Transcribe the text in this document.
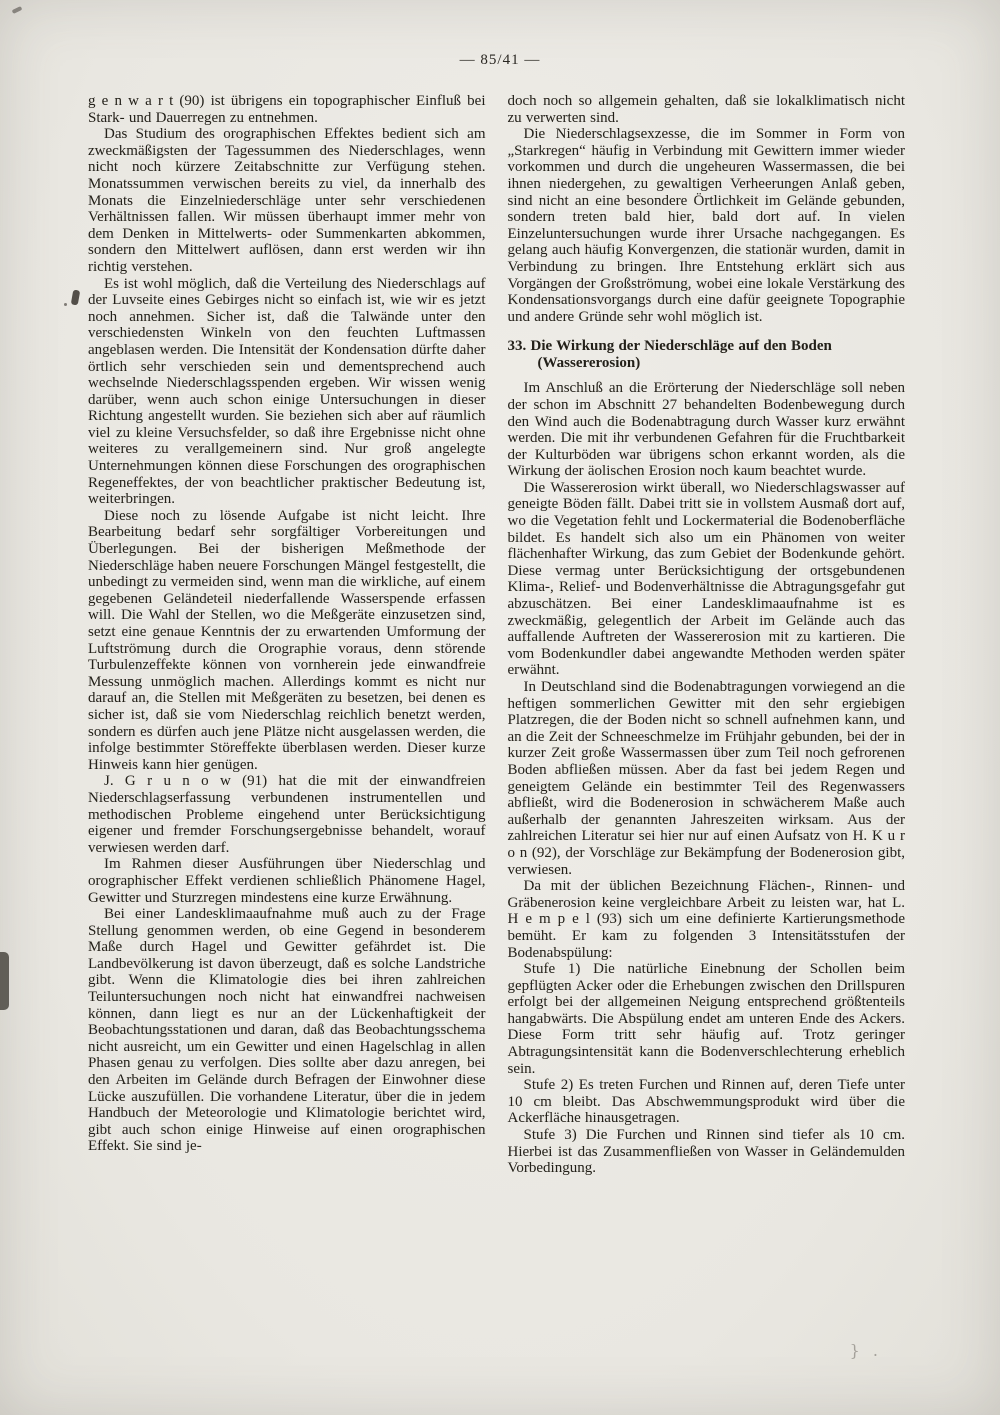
— 85/41 —

g e n w a r t (90) ist übrigens ein topographischer Einfluß bei Stark- und Dauerregen zu entnehmen.

Das Studium des orographischen Effektes bedient sich am zweckmäßigsten der Tagessummen des Niederschlages, wenn nicht noch kürzere Zeitabschnitte zur Verfügung stehen. Monatssummen verwischen bereits zu viel, da innerhalb des Monats die Einzelniederschläge unter sehr verschiedenen Verhältnissen fallen. Wir müssen überhaupt immer mehr von dem Denken in Mittelwerts- oder Summenkarten abkommen, sondern den Mittelwert auflösen, dann erst werden wir ihn richtig verstehen.

Es ist wohl möglich, daß die Verteilung des Niederschlags auf der Luvseite eines Gebirges nicht so einfach ist, wie wir es jetzt noch annehmen. Sicher ist, daß die Talwände unter den verschiedensten Winkeln von den feuchten Luftmassen angeblasen werden. Die Intensität der Kondensation dürfte daher örtlich sehr verschieden sein und dementsprechend auch wechselnde Niederschlagsspenden ergeben. Wir wissen wenig darüber, wenn auch schon einige Untersuchungen in dieser Richtung angestellt wurden. Sie beziehen sich aber auf räumlich viel zu kleine Versuchsfelder, so daß ihre Ergebnisse nicht ohne weiteres zu verallgemeinern sind. Nur groß angelegte Unternehmungen können diese Forschungen des orographischen Regeneffektes, der von beachtlicher praktischer Bedeutung ist, weiterbringen.

Diese noch zu lösende Aufgabe ist nicht leicht. Ihre Bearbeitung bedarf sehr sorgfältiger Vorbereitungen und Überlegungen. Bei der bisherigen Meßmethode der Niederschläge haben neuere Forschungen Mängel festgestellt, die unbedingt zu vermeiden sind, wenn man die wirkliche, auf einem gegebenen Geländeteil niederfallende Wasserspende erfassen will. Die Wahl der Stellen, wo die Meßgeräte einzusetzen sind, setzt eine genaue Kenntnis der zu erwartenden Umformung der Luftströmung durch die Orographie voraus, denn störende Turbulenzeffekte können von vornherein jede einwandfreie Messung unmöglich machen. Allerdings kommt es nicht nur darauf an, die Stellen mit Meßgeräten zu besetzen, bei denen es sicher ist, daß sie vom Niederschlag reichlich benetzt werden, sondern es dürfen auch jene Plätze nicht ausgelassen werden, die infolge bestimmter Störeffekte überblasen werden. Dieser kurze Hinweis kann hier genügen.

J. G r u n o w (91) hat die mit der einwandfreien Niederschlagserfassung verbundenen instrumentellen und methodischen Probleme eingehend unter Berücksichtigung eigener und fremder Forschungsergebnisse behandelt, worauf verwiesen werden darf.

Im Rahmen dieser Ausführungen über Niederschlag und orographischer Effekt verdienen schließlich Phänomene Hagel, Gewitter und Sturzregen mindestens eine kurze Erwähnung.

Bei einer Landesklimaaufnahme muß auch zu der Frage Stellung genommen werden, ob eine Gegend in besonderem Maße durch Hagel und Gewitter gefährdet ist. Die Landbevölkerung ist davon überzeugt, daß es solche Landstriche gibt. Wenn die Klimatologie dies bei ihren zahlreichen Teiluntersuchungen noch nicht hat einwandfrei nachweisen können, dann liegt es nur an der Lückenhaftigkeit der Beobachtungsstationen und daran, daß das Beobachtungsschema nicht ausreicht, um ein Gewitter und einen Hagelschlag in allen Phasen genau zu verfolgen. Dies sollte aber dazu anregen, bei den Arbeiten im Gelände durch Befragen der Einwohner diese Lücke auszufüllen. Die vorhandene Literatur, über die in jedem Handbuch der Meteorologie und Klimatologie berichtet wird, gibt auch schon einige Hinweise auf einen orographischen Effekt. Sie sind je-

doch noch so allgemein gehalten, daß sie lokalklimatisch nicht zu verwerten sind.

Die Niederschlagsexzesse, die im Sommer in Form von „Starkregen“ häufig in Verbindung mit Gewittern immer wieder vorkommen und durch die ungeheuren Wassermassen, die bei ihnen niedergehen, zu gewaltigen Verheerungen Anlaß geben, sind nicht an eine besondere Örtlichkeit im Gelände gebunden, sondern treten bald hier, bald dort auf. In vielen Einzeluntersuchungen wurde ihrer Ursache nachgegangen. Es gelang auch häufig Konvergenzen, die stationär wurden, damit in Verbindung zu bringen. Ihre Entstehung erklärt sich aus Vorgängen der Großströmung, wobei eine lokale Verstärkung des Kondensationsvorgangs durch eine dafür geeignete Topographie und andere Gründe sehr wohl möglich ist.

33. Die Wirkung der Niederschläge auf den Boden (Wassererosion)

Im Anschluß an die Erörterung der Niederschläge soll neben der schon im Abschnitt 27 behandelten Bodenbewegung durch den Wind auch die Bodenabtragung durch Wasser kurz erwähnt werden. Die mit ihr verbundenen Gefahren für die Fruchtbarkeit der Kulturböden war übrigens schon erkannt worden, als die Wirkung der äolischen Erosion noch kaum beachtet wurde.

Die Wassererosion wirkt überall, wo Niederschlagswasser auf geneigte Böden fällt. Dabei tritt sie in vollstem Ausmaß dort auf, wo die Vegetation fehlt und Lockermaterial die Bodenoberfläche bildet. Es handelt sich also um ein Phänomen von weiter flächenhafter Wirkung, das zum Gebiet der Bodenkunde gehört. Diese vermag unter Berücksichtigung der ortsgebundenen Klima-, Relief- und Bodenverhältnisse die Abtragungsgefahr gut abzuschätzen. Bei einer Landesklimaaufnahme ist es zweckmäßig, gelegentlich der Arbeit im Gelände auch das auffallende Auftreten der Wassererosion mit zu kartieren. Die vom Bodenkundler dabei angewandte Methoden werden später erwähnt.

In Deutschland sind die Bodenabtragungen vorwiegend an die heftigen sommerlichen Gewitter mit den sehr ergiebigen Platzregen, die der Boden nicht so schnell aufnehmen kann, und an die Zeit der Schneeschmelze im Frühjahr gebunden, bei der in kurzer Zeit große Wassermassen über zum Teil noch gefrorenen Boden abfließen müssen. Aber da fast bei jedem Regen und geneigtem Gelände ein bestimmter Teil des Regenwassers abfließt, wird die Bodenerosion in schwächerem Maße auch außerhalb der genannten Jahreszeiten wirksam. Aus der zahlreichen Literatur sei hier nur auf einen Aufsatz von H. K u r o n (92), der Vorschläge zur Bekämpfung der Bodenerosion gibt, verwiesen.

Da mit der üblichen Bezeichnung Flächen-, Rinnen- und Gräbenerosion keine vergleichbare Arbeit zu leisten war, hat L. H e m p e l (93) sich um eine definierte Kartierungsmethode bemüht. Er kam zu folgenden 3 Intensitätsstufen der Bodenabspülung:

Stufe 1) Die natürliche Einebnung der Schollen beim gepflügten Acker oder die Erhebungen zwischen den Drillspuren erfolgt bei der allgemeinen Neigung entsprechend größtenteils hangabwärts. Die Abspülung endet am unteren Ende des Ackers. Diese Form tritt sehr häufig auf. Trotz geringer Abtragungsintensität kann die Bodenverschlechterung erheblich sein.

Stufe 2) Es treten Furchen und Rinnen auf, deren Tiefe unter 10 cm bleibt. Das Abschwemmungsprodukt wird über die Ackerfläche hinausgetragen.

Stufe 3) Die Furchen und Rinnen sind tiefer als 10 cm. Hierbei ist das Zusammenfließen von Wasser in Geländemulden Vorbedingung.

} .
